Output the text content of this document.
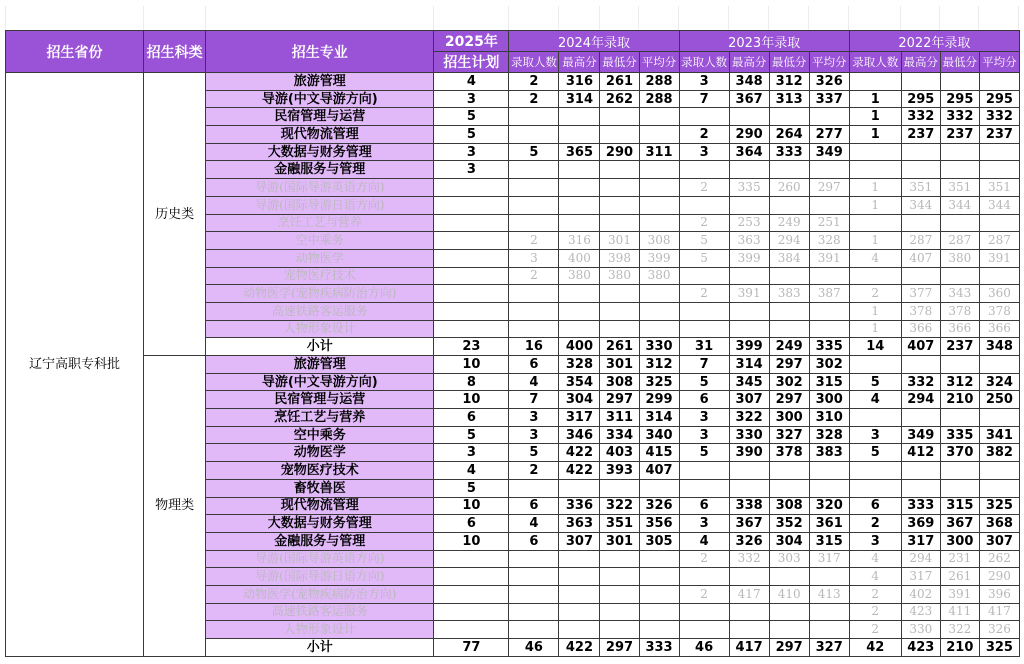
招生省份	招生科类	招生专业	2025年	2024年录取				2023年录取				2022年录取			
			招生计划	录取人数	最高分	最低分	平均分	录取人数	最高分	最低分	平均分	录取人数	最高分	最低分	平均分
辽宁高职专科批	历史类	旅游管理	4	2	316	261	288	3	348	312	326				
		导游(中文导游方向)	3	2	314	262	288	7	367	313	337	1	295	295	295
		民宿管理与运营	5									1	332	332	332
		现代物流管理	5					2	290	264	277	1	237	237	237
		大数据与财务管理	3	5	365	290	311	3	364	333	349				
		金融服务与管理	3												
		导游(国际导游英语方向)						2	335	260	297	1	351	351	351
		导游(国际导游日语方向)										1	344	344	344
		烹饪工艺与营养						2	253	249	251				
		空中乘务		2	316	301	308	5	363	294	328	1	287	287	287
		动物医学		3	400	398	399	5	399	384	391	4	407	380	391
		宠物医疗技术		2	380	380	380								
		动物医学(宠物疾病防治方向)						2	391	383	387	2	377	343	360
		高速铁路客运服务										1	378	378	378
		人物形象设计										1	366	366	366
		小计	23	16	400	261	330	31	399	249	335	14	407	237	348
	物理类	旅游管理	10	6	328	301	312	7	314	297	302				
		导游(中文导游方向)	8	4	354	308	325	5	345	302	315	5	332	312	324
		民宿管理与运营	10	7	304	297	299	6	307	297	300	4	294	210	250
		烹饪工艺与营养	6	3	317	311	314	3	322	300	310				
		空中乘务	5	3	346	334	340	3	330	327	328	3	349	335	341
		动物医学	3	5	422	403	415	5	390	378	383	5	412	370	382
		宠物医疗技术	4	2	422	393	407								
		畜牧兽医	5												
		现代物流管理	10	6	336	322	326	6	338	308	320	6	333	315	325
		大数据与财务管理	6	4	363	351	356	3	367	352	361	2	369	367	368
		金融服务与管理	10	6	307	301	305	4	326	304	315	3	317	300	307
		导游(国际导游英语方向)						2	332	303	317	4	294	231	262
		导游(国际导游日语方向)										4	317	261	290
		动物医学(宠物疾病防治方向)						2	417	410	413	2	402	391	396
		高速铁路客运服务										2	423	411	417
		人物形象设计										2	330	322	326
		小计	77	46	422	297	333	46	417	297	327	42	423	210	325
